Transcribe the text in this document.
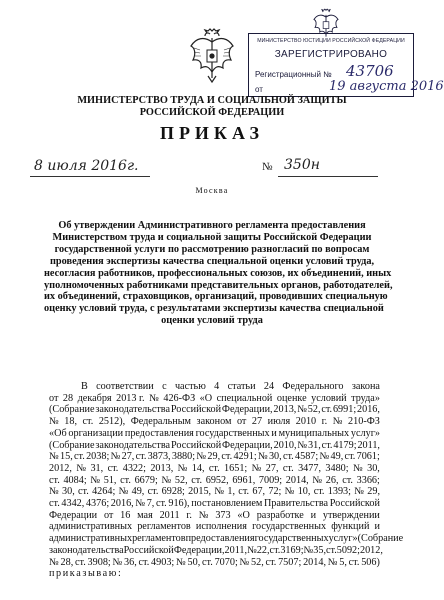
МИНИСТЕРСТВО ЮСТИЦИИ РОССИЙСКОЙ ФЕДЕРАЦИИ
ЗАРЕГИСТРИРОВАНО
Регистрационный № 43706
от	19 августа 2016
МИНИСТЕРСТВО ТРУДА И СОЦИАЛЬНОЙ ЗАЩИТЫ
РОССИЙСКОЙ ФЕДЕРАЦИИ
ПРИКАЗ
8 июля 2016г.	№ 350н
Москва
Об утверждении Административного регламента предоставления
Министерством труда и социальной защиты Российской Федерации
государственной услуги по рассмотрению разногласий по вопросам
проведения экспертизы качества специальной оценки условий труда,
несогласия работников, профессиональных союзов, их объединений, иных
уполномоченных работниками представительных органов, работодателей,
их объединений, страховщиков, организаций, проводивших специальную
оценку условий труда, с результатами экспертизы качества специальной
оценки условий труда
В соответствии с частью 4 статьи 24 Федерального закона
от 28 декабря 2013 г. № 426-ФЗ «О специальной оценке условий труда»
(Собрание законодательства Российской Федерации, 2013, № 52, ст. 6991; 2016,
№ 18, ст. 2512), Федеральным законом от 27 июля 2010 г. № 210-ФЗ
«Об организации предоставления государственных и муниципальных услуг»
(Собрание законодательства Российской Федерации, 2010, № 31, ст. 4179; 2011,
№ 15, ст. 2038; № 27, ст. 3873, 3880; № 29, ст. 4291; № 30, ст. 4587; № 49, ст. 7061;
2012, № 31, ст. 4322; 2013, № 14, ст. 1651; № 27, ст. 3477, 3480; № 30,
ст. 4084; № 51, ст. 6679; № 52, ст. 6952, 6961, 7009; 2014, № 26, ст. 3366;
№ 30, ст. 4264; № 49, ст. 6928; 2015, № 1, ст. 67, 72; № 10, ст. 1393; № 29,
ст. 4342, 4376; 2016, № 7, ст. 916), постановлением Правительства Российской
Федерации от 16 мая 2011 г. № 373 «О разработке и утверждении
административных регламентов исполнения государственных функций и
административных регламентов предоставления государственных услуг» (Собрание
законодательства Российской Федерации, 2011, № 22, ст. 3169; № 35, ст. 5092; 2012,
№ 28, ст. 3908; № 36, ст. 4903; № 50, ст. 7070; № 52, ст. 7507; 2014, № 5, ст. 506)
приказываю:
